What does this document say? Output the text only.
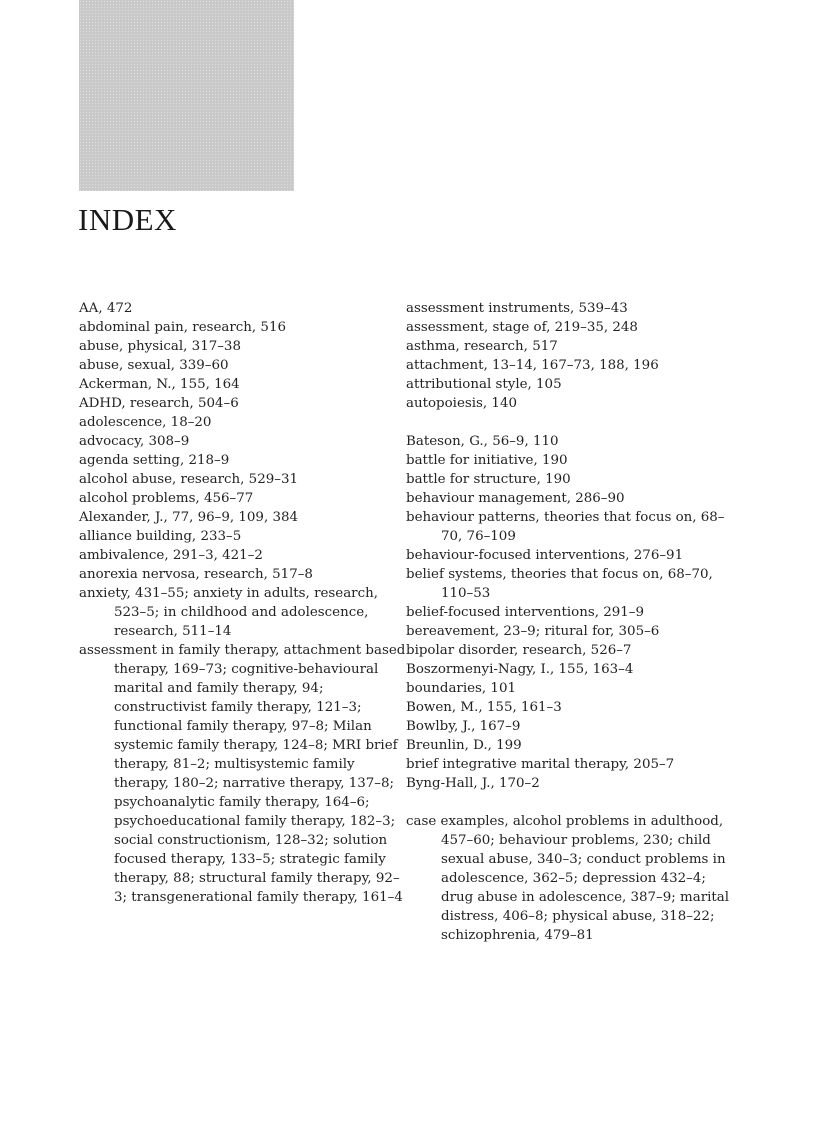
INDEX
AA, 472
abdominal pain, research, 516
abuse, physical, 317–38
abuse, sexual, 339–60
Ackerman, N., 155, 164
ADHD, research, 504–6
adolescence, 18–20
advocacy, 308–9
agenda setting, 218–9
alcohol abuse, research, 529–31
alcohol problems, 456–77
Alexander, J., 77, 96–9, 109, 384
alliance building, 233–5
ambivalence, 291–3, 421–2
anorexia nervosa, research, 517–8
anxiety, 431–55; anxiety in adults, research, 523–5; in childhood and adolescence, research, 511–14
assessment in family therapy, attachment based therapy, 169–73; cognitive-behavioural marital and family therapy, 94; constructivist family therapy, 121–3; functional family therapy, 97–8; Milan systemic family therapy, 124–8; MRI brief therapy, 81–2; multisystemic family therapy, 180–2; narrative therapy, 137–8; psychoanalytic family therapy, 164–6; psychoeducational family therapy, 182–3; social constructionism, 128–32; solution focused therapy, 133–5; strategic family therapy, 88; structural family therapy, 92–3; transgenerational family therapy, 161–4
assessment instruments, 539–43
assessment, stage of, 219–35, 248
asthma, research, 517
attachment, 13–14, 167–73, 188, 196
attributional style, 105
autopoiesis, 140
Bateson, G., 56–9, 110
battle for initiative, 190
battle for structure, 190
behaviour management, 286–90
behaviour patterns, theories that focus on, 68–70, 76–109
behaviour-focused interventions, 276–91
belief systems, theories that focus on, 68–70, 110–53
belief-focused interventions, 291–9
bereavement, 23–9; ritural for, 305–6
bipolar disorder, research, 526–7
Boszormenyi-Nagy, I., 155, 163–4
boundaries, 101
Bowen, M., 155, 161–3
Bowlby, J., 167–9
Breunlin, D., 199
brief integrative marital therapy, 205–7
Byng-Hall, J., 170–2
case examples, alcohol problems in adulthood, 457–60; behaviour problems, 230; child sexual abuse, 340–3; conduct problems in adolescence, 362–5; depression 432–4; drug abuse in adolescence, 387–9; marital distress, 406–8; physical abuse, 318–22; schizophrenia, 479–81
